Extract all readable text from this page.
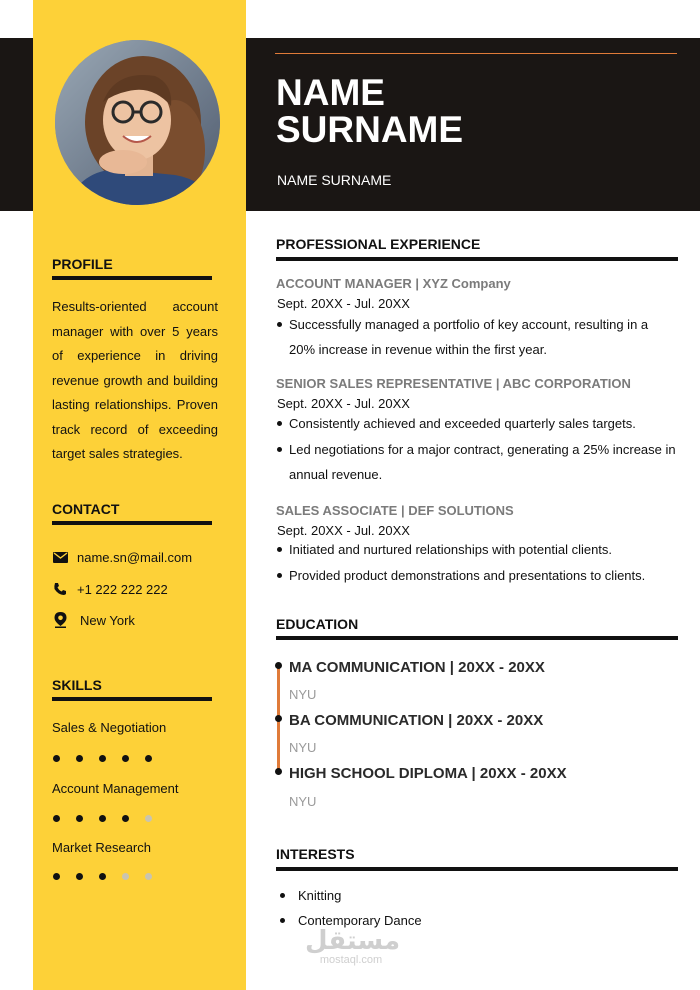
NAME
SURNAME
NAME SURNAME
PROFILE
Results-oriented account manager with over 5 years of experience in driving revenue growth and building lasting relationships. Proven track record of exceeding target sales strategies.
CONTACT
name.sn@mail.com
+1 222 222 222
New York
SKILLS
Sales & Negotiation
Account Management
Market Research
PROFESSIONAL EXPERIENCE
ACCOUNT MANAGER | XYZ Company
Sept. 20XX - Jul. 20XX
Successfully managed a portfolio of key account, resulting in a 20% increase in revenue within the first year.
SENIOR SALES REPRESENTATIVE | ABC CORPORATION
Sept. 20XX - Jul. 20XX
Consistently achieved and exceeded quarterly sales targets.
Led negotiations for a major contract, generating a 25% increase in annual revenue.
SALES ASSOCIATE | DEF SOLUTIONS
Sept. 20XX - Jul. 20XX
Initiated and nurtured relationships with potential clients.
Provided product demonstrations and presentations to clients.
EDUCATION
MA COMMUNICATION | 20XX - 20XX
NYU
BA COMMUNICATION | 20XX - 20XX
NYU
HIGH SCHOOL DIPLOMA | 20XX - 20XX
NYU
INTERESTS
Knitting
Contemporary Dance
مستقل
mostaql.com
